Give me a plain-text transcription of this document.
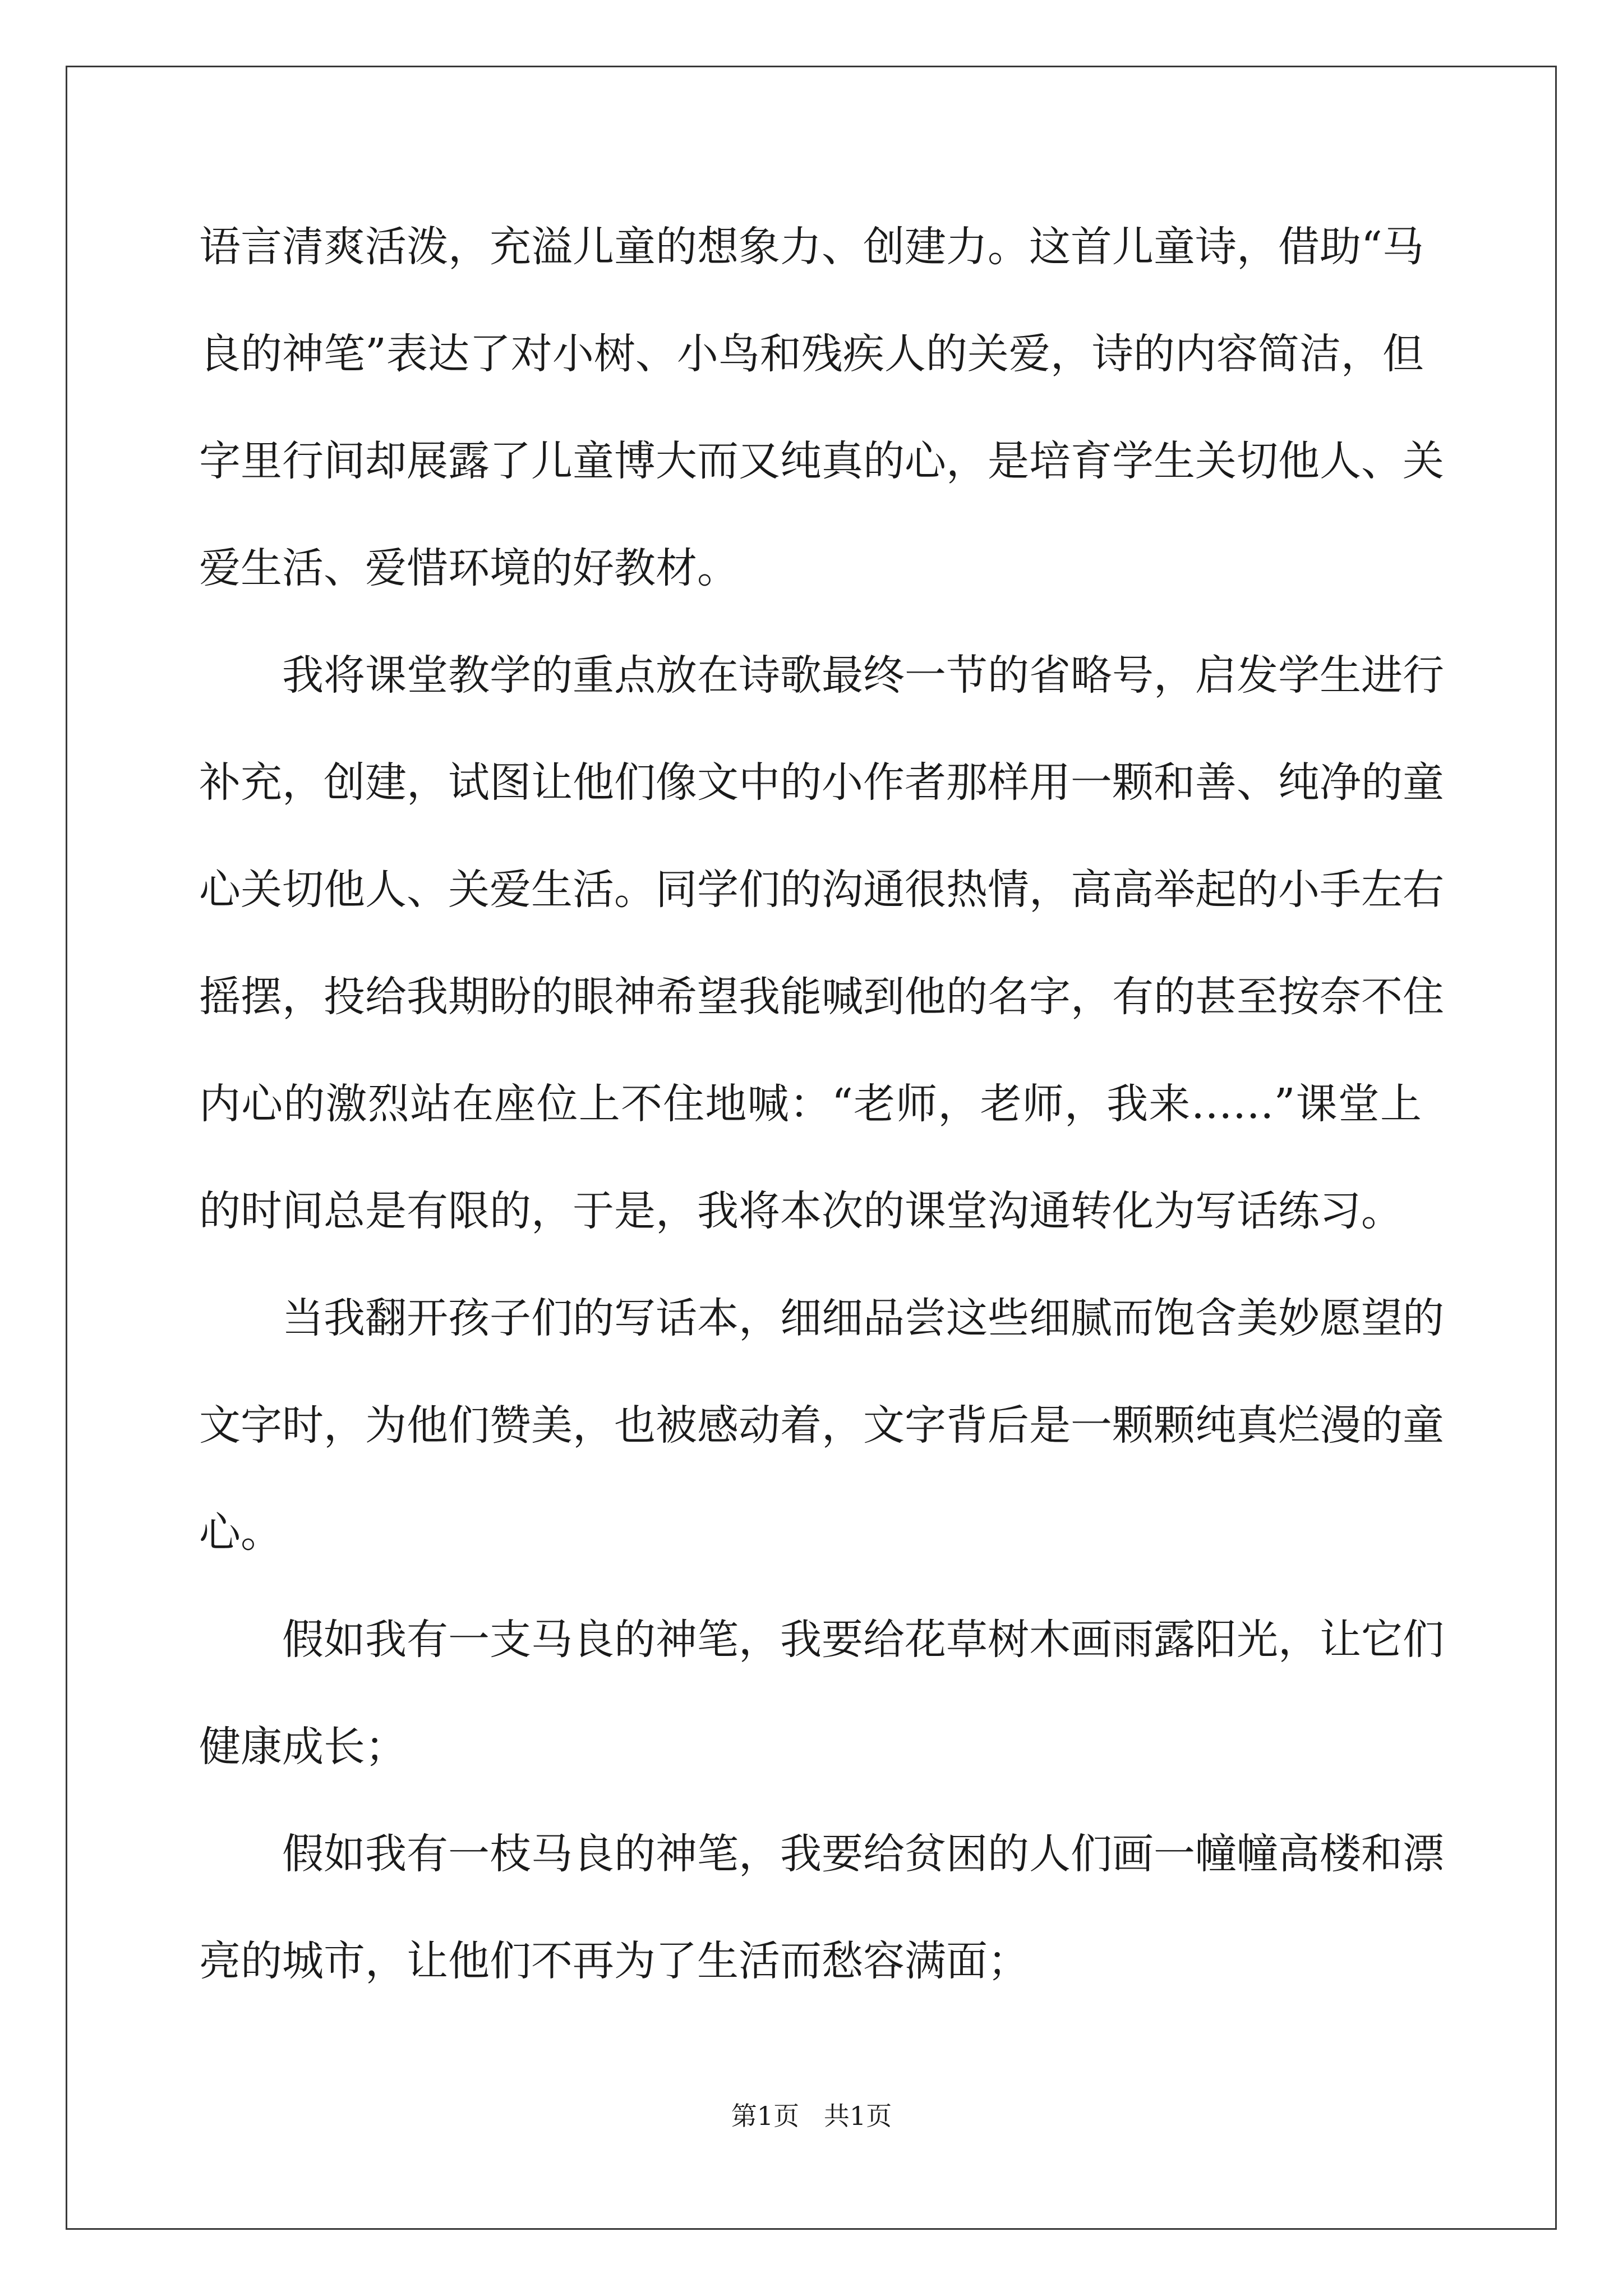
语言清爽活泼，充溢儿童的想象力、创建力。这首儿童诗，借助“马
良的神笔”表达了对小树、小鸟和残疾人的关爱，诗的内容简洁，但
字里行间却展露了儿童博大而又纯真的心，是培育学生关切他人、关
爱生活、爱惜环境的好教材。
我将课堂教学的重点放在诗歌最终一节的省略号，启发学生进行
补充，创建，试图让他们像文中的小作者那样用一颗和善、纯净的童
心关切他人、关爱生活。同学们的沟通很热情，高高举起的小手左右
摇摆，投给我期盼的眼神希望我能喊到他的名字，有的甚至按奈不住
内心的激烈站在座位上不住地喊：“老师，老师，我来……”课堂上
的时间总是有限的，于是，我将本次的课堂沟通转化为写话练习。
当我翻开孩子们的写话本，细细品尝这些细腻而饱含美妙愿望的
文字时，为他们赞美，也被感动着，文字背后是一颗颗纯真烂漫的童
心。
假如我有一支马良的神笔，我要给花草树木画雨露阳光，让它们
健康成长；
假如我有一枝马良的神笔，我要给贫困的人们画一幢幢高楼和漂
亮的城市，让他们不再为了生活而愁容满面；
第1页   共1页
